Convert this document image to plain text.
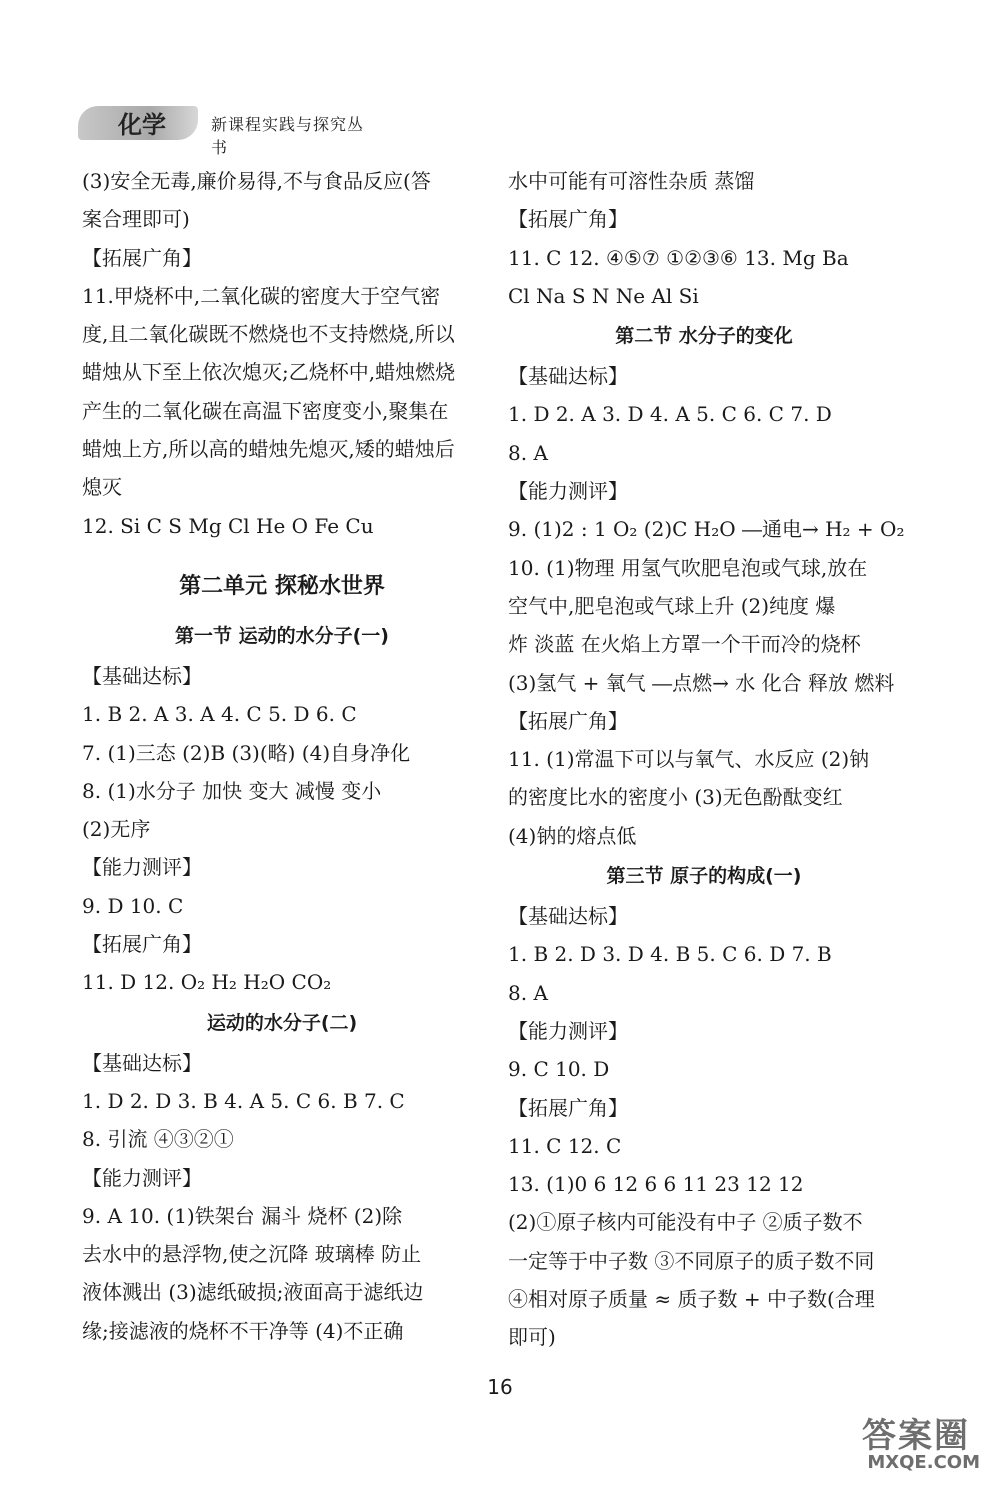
化学	新课程实践与探究丛书
(3)安全无毒,廉价易得,不与食品反应(答
案合理即可)
【拓展广角】
11.甲烧杯中,二氧化碳的密度大于空气密
度,且二氧化碳既不燃烧也不支持燃烧,所以
蜡烛从下至上依次熄灭;乙烧杯中,蜡烛燃烧
产生的二氧化碳在高温下密度变小,聚集在
蜡烛上方,所以高的蜡烛先熄灭,矮的蜡烛后
熄灭
12. Si C S Mg Cl He O Fe Cu
第二单元 探秘水世界
第一节 运动的水分子(一)
【基础达标】
1. B 2. A 3. A 4. C 5. D 6. C
7. (1)三态 (2)B (3)(略) (4)自身净化
8. (1)水分子 加快 变大 减慢 变小
(2)无序
【能力测评】
9. D 10. C
【拓展广角】
11. D 12. O₂ H₂ H₂O CO₂
运动的水分子(二)
【基础达标】
1. D 2. D 3. B 4. A 5. C 6. B 7. C
8. 引流 ④③②①
【能力测评】
9. A 10. (1)铁架台 漏斗 烧杯 (2)除
去水中的悬浮物,使之沉降 玻璃棒 防止
液体溅出 (3)滤纸破损;液面高于滤纸边
缘;接滤液的烧杯不干净等 (4)不正确
水中可能有可溶性杂质 蒸馏
【拓展广角】
11. C 12. ④⑤⑦ ①②③⑥ 13. Mg Ba
Cl Na S N Ne Al Si
第二节 水分子的变化
【基础达标】
1. D 2. A 3. D 4. A 5. C 6. C 7. D
8. A
【能力测评】
9. (1)2 : 1 O₂ (2)C H₂O ―通电→ H₂ + O₂
10. (1)物理 用氢气吹肥皂泡或气球,放在
空气中,肥皂泡或气球上升 (2)纯度 爆
炸 淡蓝 在火焰上方罩一个干而冷的烧杯
(3)氢气 + 氧气 ―点燃→ 水 化合 释放 燃料
【拓展广角】
11. (1)常温下可以与氧气、水反应 (2)钠
的密度比水的密度小 (3)无色酚酞变红
(4)钠的熔点低
第三节 原子的构成(一)
【基础达标】
1. B 2. D 3. D 4. B 5. C 6. D 7. B
8. A
【能力测评】
9. C 10. D
【拓展广角】
11. C 12. C
13. (1)0 6 12 6 6 11 23 12 12
(2)①原子核内可能没有中子 ②质子数不
一定等于中子数 ③不同原子的质子数不同
④相对原子质量 ≈ 质子数 + 中子数(合理
即可)
16
答案圈
MXQE.COM
